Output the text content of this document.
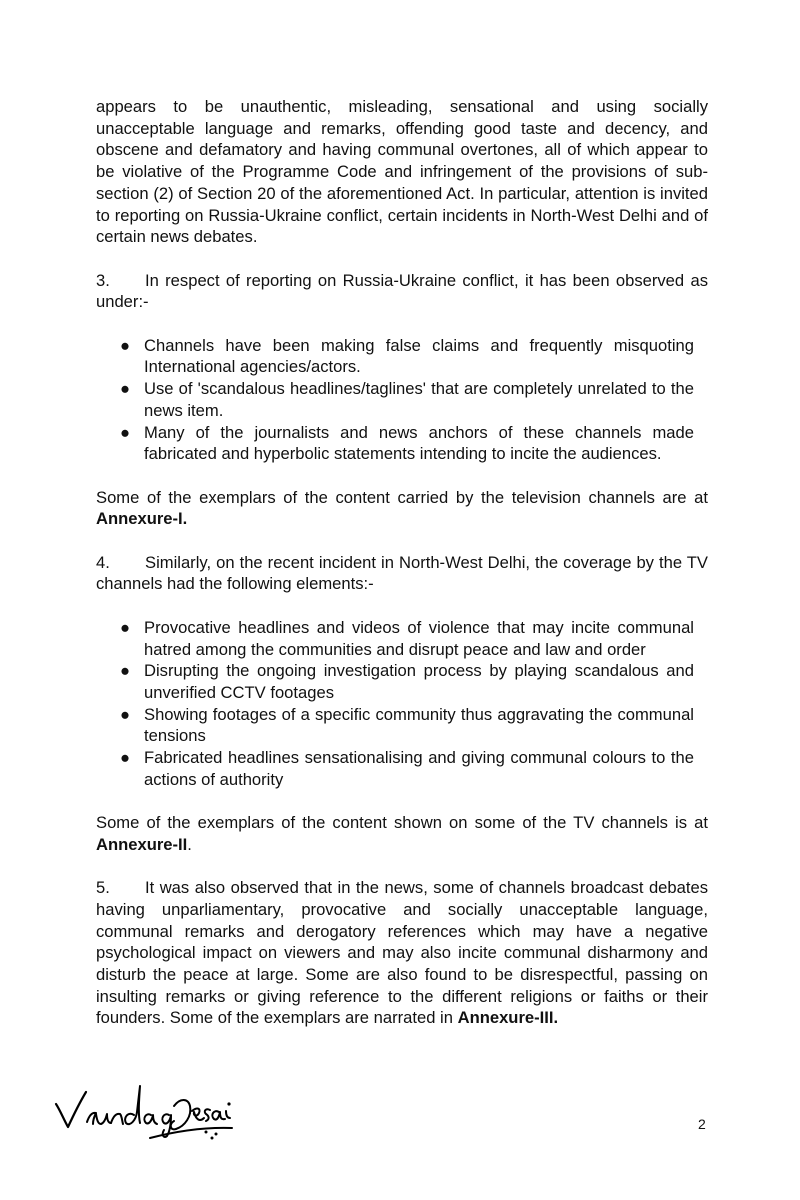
appears to be unauthentic, misleading, sensational and using socially unacceptable language and remarks, offending good taste and decency, and obscene and defamatory and having communal overtones, all of which appear to be violative of the Programme Code and infringement of the provisions of sub-section (2) of Section 20 of the aforementioned Act. In particular, attention is invited to reporting on Russia-Ukraine conflict, certain incidents in North-West Delhi and of certain news debates.

3. In respect of reporting on Russia-Ukraine conflict, it has been observed as under:-

● Channels have been making false claims and frequently misquoting International agencies/actors.
● Use of 'scandalous headlines/taglines' that are completely unrelated to the news item.
● Many of the journalists and news anchors of these channels made fabricated and hyperbolic statements intending to incite the audiences.

Some of the exemplars of the content carried by the television channels are at Annexure-I.

4. Similarly, on the recent incident in North-West Delhi, the coverage by the TV channels had the following elements:-

● Provocative headlines and videos of violence that may incite communal hatred among the communities and disrupt peace and law and order
● Disrupting the ongoing investigation process by playing scandalous and unverified CCTV footages
● Showing footages of a specific community thus aggravating the communal tensions
● Fabricated headlines sensationalising and giving communal colours to the actions of authority

Some of the exemplars of the content shown on some of the TV channels is at Annexure-II.

5. It was also observed that in the news, some of channels broadcast debates having unparliamentary, provocative and socially unacceptable language, communal remarks and derogatory references which may have a negative psychological impact on viewers and may also incite communal disharmony and disturb the peace at large. Some are also found to be disrespectful, passing on insulting remarks or giving reference to the different religions or faiths or their founders. Some of the exemplars are narrated in Annexure-III.

2
